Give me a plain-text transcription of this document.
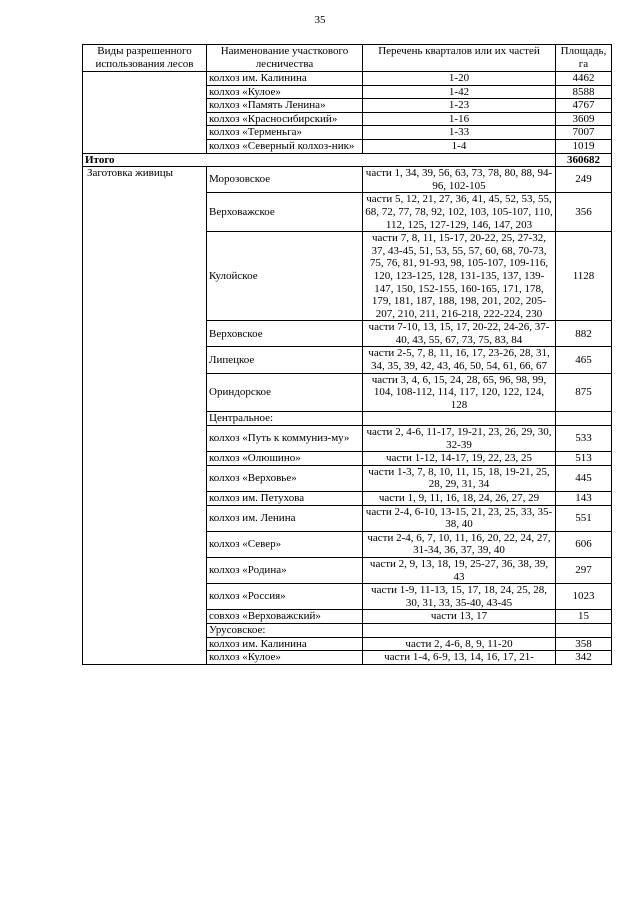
35
Виды разрешенного использования лесов	Наименование участкового лесничества	Перечень кварталов или их частей	Площадь, га
	колхоз им. Калинина	1-20	4462
	колхоз «Кулое»	1-42	8588
	колхоз «Память Ленина»	1-23	4767
	колхоз «Красносибирский»	1-16	3609
	колхоз «Терменьга»	1-33	7007
	колхоз «Северный колхоз-ник»	1-4	1019
Итого			360682
Заготовка живицы	Морозовское	части 1, 34, 39, 56, 63, 73, 78, 80, 88, 94-96, 102-105	249
	Верховажское	части 5, 12, 21, 27, 36, 41, 45, 52, 53, 55, 68, 72, 77, 78, 92, 102, 103, 105-107, 110, 112, 125, 127-129, 146, 147, 203	356
	Кулойское	части 7, 8, 11, 15-17, 20-22, 25, 27-32, 37, 43-45, 51, 53, 55, 57, 60, 68, 70-73, 75, 76, 81, 91-93, 98, 105-107, 109-116, 120, 123-125, 128, 131-135, 137, 139-147, 150, 152-155, 160-165, 171, 178, 179, 181, 187, 188, 198, 201, 202, 205-207, 210, 211, 216-218, 222-224, 230	1128
	Верховское	части 7-10, 13, 15, 17, 20-22, 24-26, 37-40, 43, 55, 67, 73, 75, 83, 84	882
	Липецкое	части 2-5, 7, 8, 11, 16, 17, 23-26, 28, 31, 34, 35, 39, 42, 43, 46, 50, 54, 61, 66, 67	465
	Ориндорское	части 3, 4, 6, 15, 24, 28, 65, 96, 98, 99, 104, 108-112, 114, 117, 120, 122, 124, 128	875
	Центральное:		
	колхоз «Путь к коммуниз-му»	части 2, 4-6, 11-17, 19-21, 23, 26, 29, 30, 32-39	533
	колхоз «Олюшино»	части 1-12, 14-17, 19, 22, 23, 25	513
	колхоз «Верховье»	части 1-3, 7, 8, 10, 11, 15, 18, 19-21, 25, 28, 29, 31, 34	445
	колхоз им. Петухова	части 1, 9, 11, 16, 18, 24, 26, 27, 29	143
	колхоз им. Ленина	части 2-4, 6-10, 13-15, 21, 23, 25, 33, 35-38, 40	551
	колхоз «Север»	части 2-4, 6, 7, 10, 11, 16, 20, 22, 24, 27, 31-34, 36, 37, 39, 40	606
	колхоз «Родина»	части 2, 9, 13, 18, 19, 25-27, 36, 38, 39, 43	297
	колхоз «Россия»	части 1-9, 11-13, 15, 17, 18, 24, 25, 28, 30, 31, 33, 35-40, 43-45	1023
	совхоз «Верховажский»	части 13, 17	15
	Урусовское:		
	колхоз им. Калинина	части 2, 4-6, 8, 9, 11-20	358
	колхоз «Кулое»	части 1-4, 6-9, 13, 14, 16, 17, 21-	342
